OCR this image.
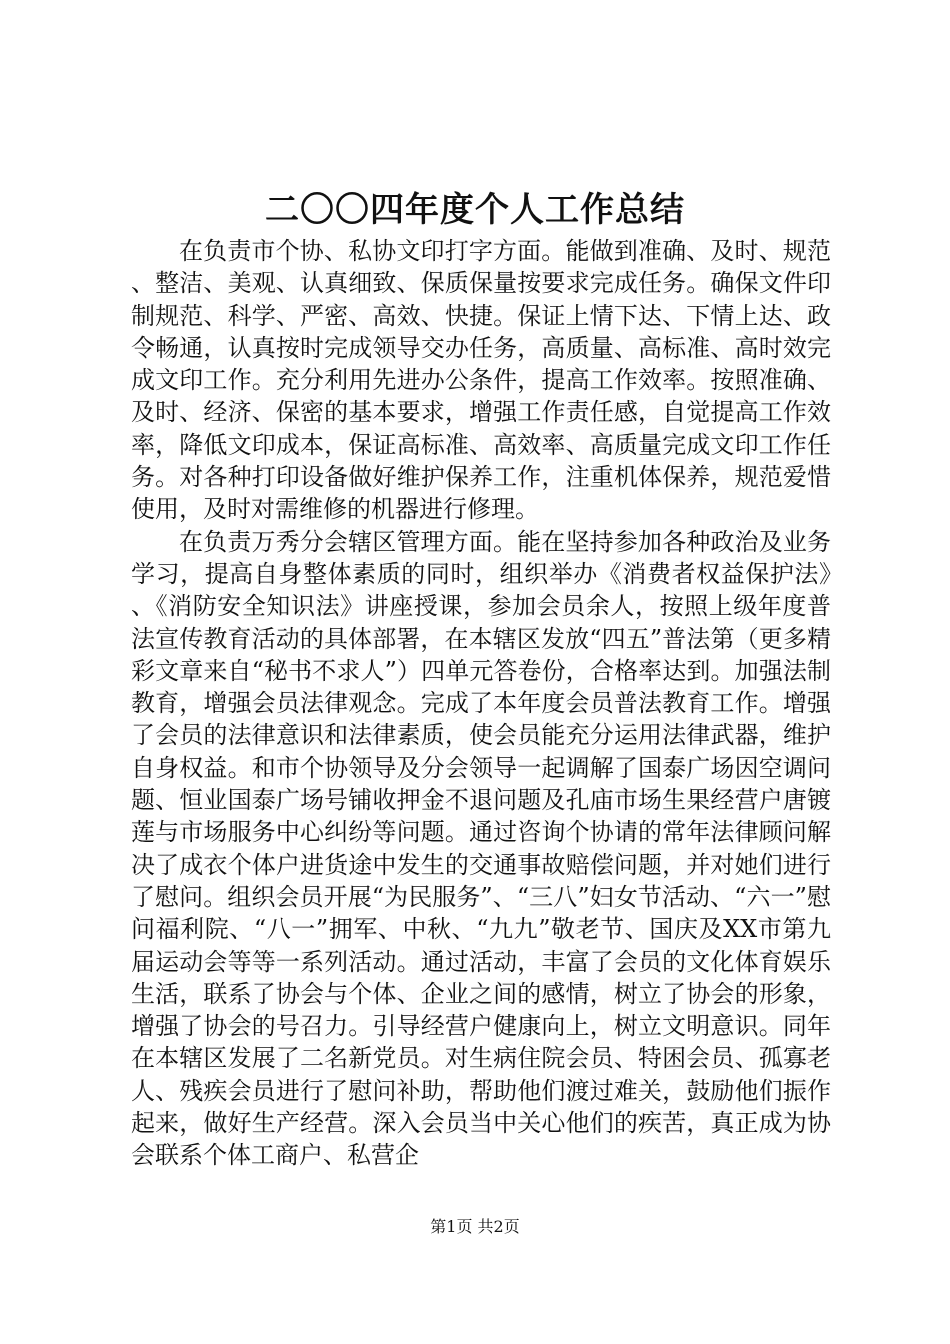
二〇〇四年度个人工作总结

在负责市个协、私协文印打字方面。能做到准确、及时、规范、整洁、美观、认真细致、保质保量按要求完成任务。确保文件印制规范、科学、严密、高效、快捷。保证上情下达、下情上达、政令畅通，认真按时完成领导交办任务，高质量、高标准、高时效完成文印工作。充分利用先进办公条件，提高工作效率。按照准确、及时、经济、保密的基本要求，增强工作责任感，自觉提高工作效率，降低文印成本，保证高标准、高效率、高质量完成文印工作任务。对各种打印设备做好维护保养工作，注重机体保养，规范爱惜使用，及时对需维修的机器进行修理。

在负责万秀分会辖区管理方面。能在坚持参加各种政治及业务学习，提高自身整体素质的同时，组织举办《消费者权益保护法》、《消防安全知识法》讲座授课，参加会员余人，按照上级年度普法宣传教育活动的具体部署，在本辖区发放“四五”普法第（更多精彩文章来自“秘书不求人”）四单元答卷份，合格率达到。加强法制教育，增强会员法律观念。完成了本年度会员普法教育工作。增强了会员的法律意识和法律素质，使会员能充分运用法律武器，维护自身权益。和市个协领导及分会领导一起调解了国泰广场因空调问题、恒业国泰广场号铺收押金不退问题及孔庙市场生果经营户唐镀莲与市场服务中心纠纷等问题。通过咨询个协请的常年法律顾问解决了成衣个体户进货途中发生的交通事故赔偿问题，并对她们进行了慰问。组织会员开展“为民服务”、“三八”妇女节活动、“六一”慰问福利院、“八一”拥军、中秋、“九九”敬老节、国庆及XX市第九届运动会等等一系列活动。通过活动，丰富了会员的文化体育娱乐生活，联系了协会与个体、企业之间的感情，树立了协会的形象，增强了协会的号召力。引导经营户健康向上，树立文明意识。同年在本辖区发展了二名新党员。对生病住院会员、特困会员、孤寡老人、残疾会员进行了慰问补助，帮助他们渡过难关，鼓励他们振作起来，做好生产经营。深入会员当中关心他们的疾苦，真正成为协会联系个体工商户、私营企

第1页 共2页
